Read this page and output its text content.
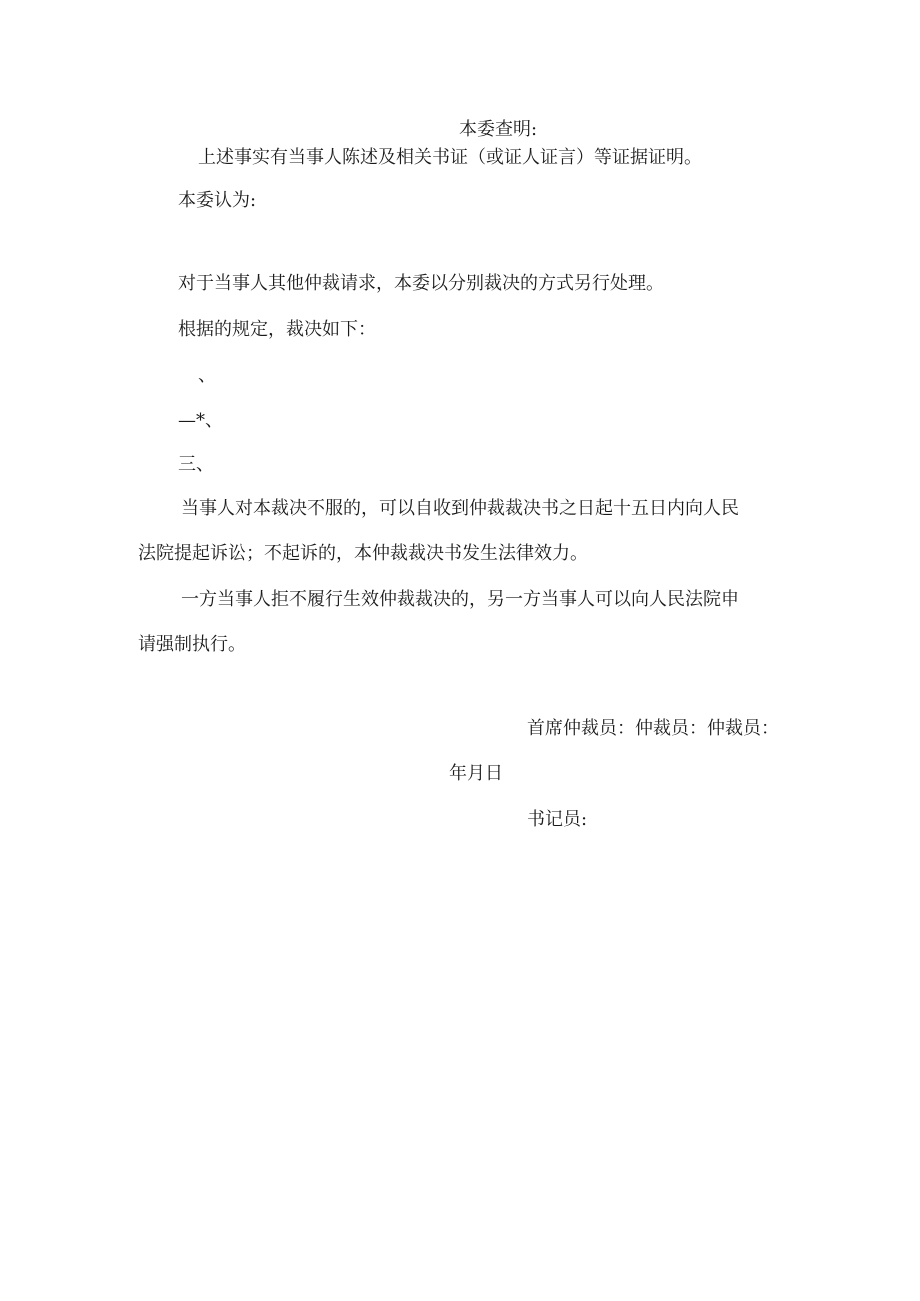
本委查明:
上述事实有当事人陈述及相关书证（或证人证言）等证据证明。
本委认为:
对于当事人其他仲裁请求，本委以分别裁决的方式另行处理。
根据的规定，裁决如下：
、
—*、
三、
当事人对本裁决不服的，可以自收到仲裁裁决书之日起十五日内向人民
法院提起诉讼；不起诉的，本仲裁裁决书发生法律效力。
一方当事人拒不履行生效仲裁裁决的，另一方当事人可以向人民法院申
请强制执行。
首席仲裁员：仲裁员：仲裁员：
年月日
书记员:
